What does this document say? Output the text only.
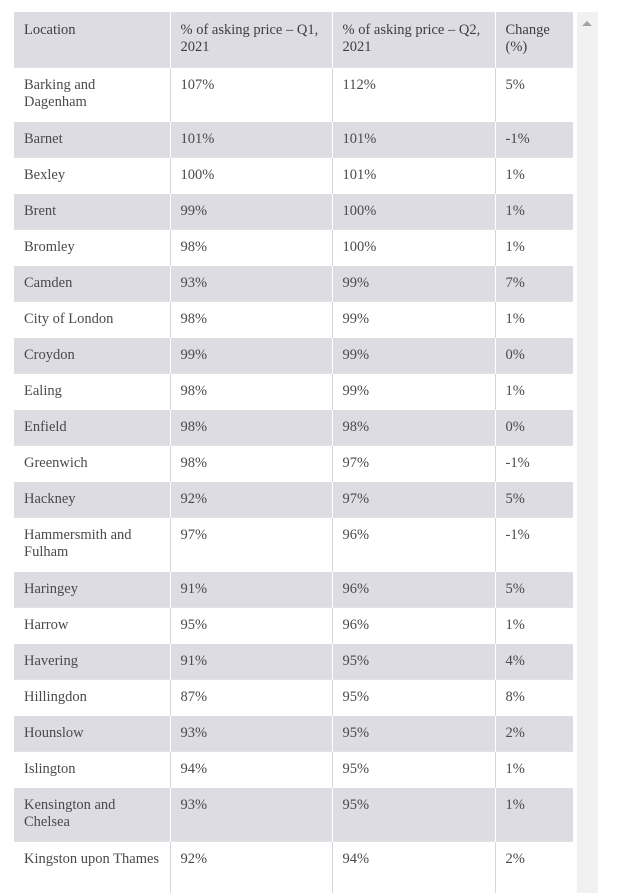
Location	% of asking price – Q1, 2021	% of asking price – Q2, 2021	Change (%)
Barking and Dagenham	107%	112%	5%
Barnet	101%	101%	-1%
Bexley	100%	101%	1%
Brent	99%	100%	1%
Bromley	98%	100%	1%
Camden	93%	99%	7%
City of London	98%	99%	1%
Croydon	99%	99%	0%
Ealing	98%	99%	1%
Enfield	98%	98%	0%
Greenwich	98%	97%	-1%
Hackney	92%	97%	5%
Hammersmith and Fulham	97%	96%	-1%
Haringey	91%	96%	5%
Harrow	95%	96%	1%
Havering	91%	95%	4%
Hillingdon	87%	95%	8%
Hounslow	93%	95%	2%
Islington	94%	95%	1%
Kensington and Chelsea	93%	95%	1%
Kingston upon Thames	92%	94%	2%
